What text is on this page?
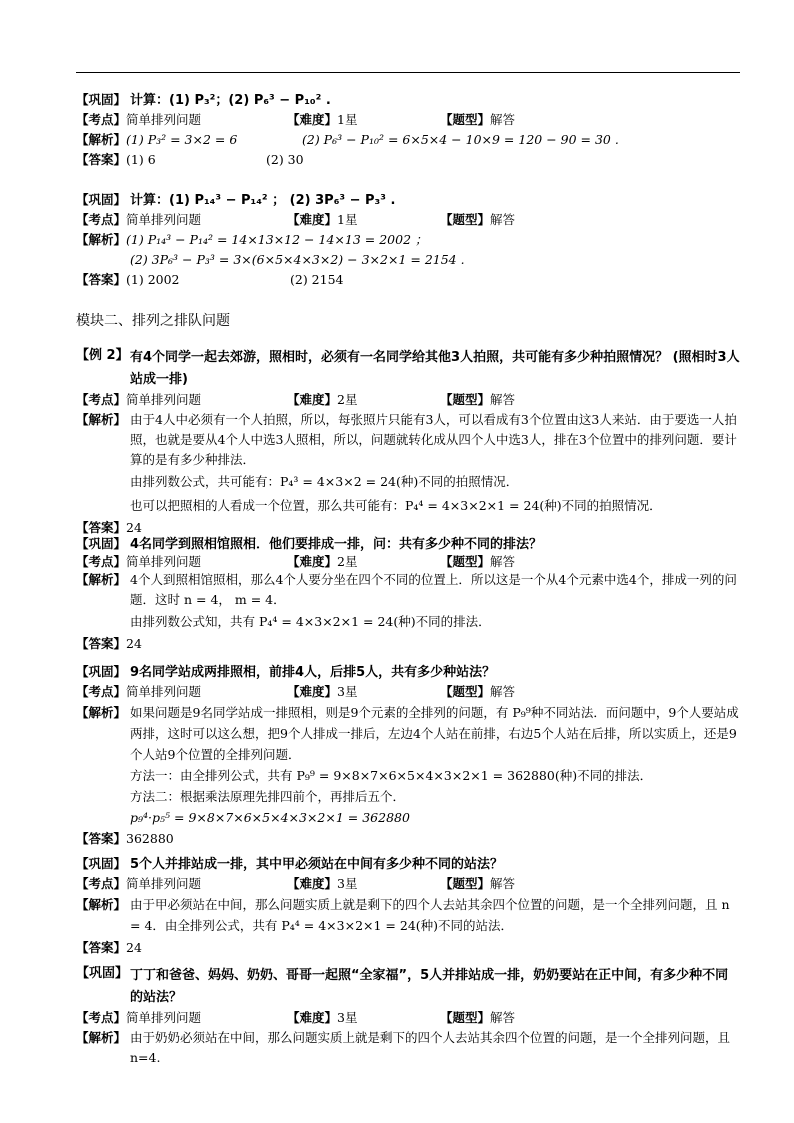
【巩固】 计算：(1) P₃²；(2) P₆³ − P₁₀² .
【考点】简单排列问题	【难度】1星	【题型】解答
【解析】(1) P₃² = 3×2 = 6	(2) P₆³ − P₁₀² = 6×5×4 − 10×9 = 120 − 90 = 30 .
【答案】(1) 6	(2) 30
【巩固】 计算：(1) P₁₄³ − P₁₄² ； (2) 3P₆³ − P₃³ .
【考点】简单排列问题	【难度】1星	【题型】解答
【解析】(1) P₁₄³ − P₁₄² = 14×13×12 − 14×13 = 2002 ；
(2) 3P₆³ − P₃³ = 3×(6×5×4×3×2) − 3×2×1 = 2154 .
【答案】(1) 2002	(2) 2154
模块二、排列之排队问题
【例 2】 有4个同学一起去郊游，照相时，必须有一名同学给其他3人拍照，共可能有多少种拍照情况？ (照相时3人站成一排)
【考点】简单排列问题	【难度】2星	【题型】解答
【解析】 由于4人中必须有一个人拍照，所以，每张照片只能有3人，可以看成有3个位置由这3人来站．由于要选一人拍照，也就是要从4个人中选3人照相，所以，问题就转化成从四个人中选3人，排在3个位置中的排列问题．要计算的是有多少种排法．
由排列数公式，共可能有：P₄³ = 4×3×2 = 24(种)不同的拍照情况．
也可以把照相的人看成一个位置，那么共可能有：P₄⁴ = 4×3×2×1 = 24(种)不同的拍照情况．
【答案】24
【巩固】 4名同学到照相馆照相．他们要排成一排，问：共有多少种不同的排法？
【考点】简单排列问题	【难度】2星	【题型】解答
【解析】 4个人到照相馆照相，那么4个人要分坐在四个不同的位置上．所以这是一个从4个元素中选4个，排成一列的问题．这时 n = 4， m = 4．
由排列数公式知，共有 P₄⁴ = 4×3×2×1 = 24(种)不同的排法．
【答案】24
【巩固】 9名同学站成两排照相，前排4人，后排5人，共有多少种站法？
【考点】简单排列问题	【难度】3星	【题型】解答
【解析】 如果问题是9名同学站成一排照相，则是9个元素的全排列的问题，有 P₉⁹种不同站法．而问题中，9个人要站成两排，这时可以这么想，把9个人排成一排后，左边4个人站在前排，右边5个人站在后排，所以实质上，还是9个人站9个位置的全排列问题．
方法一：由全排列公式，共有 P₉⁹ = 9×8×7×6×5×4×3×2×1 = 362880(种)不同的排法．
方法二：根据乘法原理先排四前个，再排后五个．
p₉⁴·p₅⁵ = 9×8×7×6×5×4×3×2×1 = 362880
【答案】362880
【巩固】 5个人并排站成一排，其中甲必须站在中间有多少种不同的站法？
【考点】简单排列问题	【难度】3星	【题型】解答
【解析】 由于甲必须站在中间，那么问题实质上就是剩下的四个人去站其余四个位置的问题，是一个全排列问题，且 n = 4．由全排列公式，共有 P₄⁴ = 4×3×2×1 = 24(种)不同的站法．
【答案】24
【巩固】 丁丁和爸爸、妈妈、奶奶、哥哥一起照“全家福”，5人并排站成一排，奶奶要站在正中间，有多少种不同的站法？
【考点】简单排列问题	【难度】3星	【题型】解答
【解析】 由于奶奶必须站在中间，那么问题实质上就是剩下的四个人去站其余四个位置的问题，是一个全排列问题，且 n=4.
